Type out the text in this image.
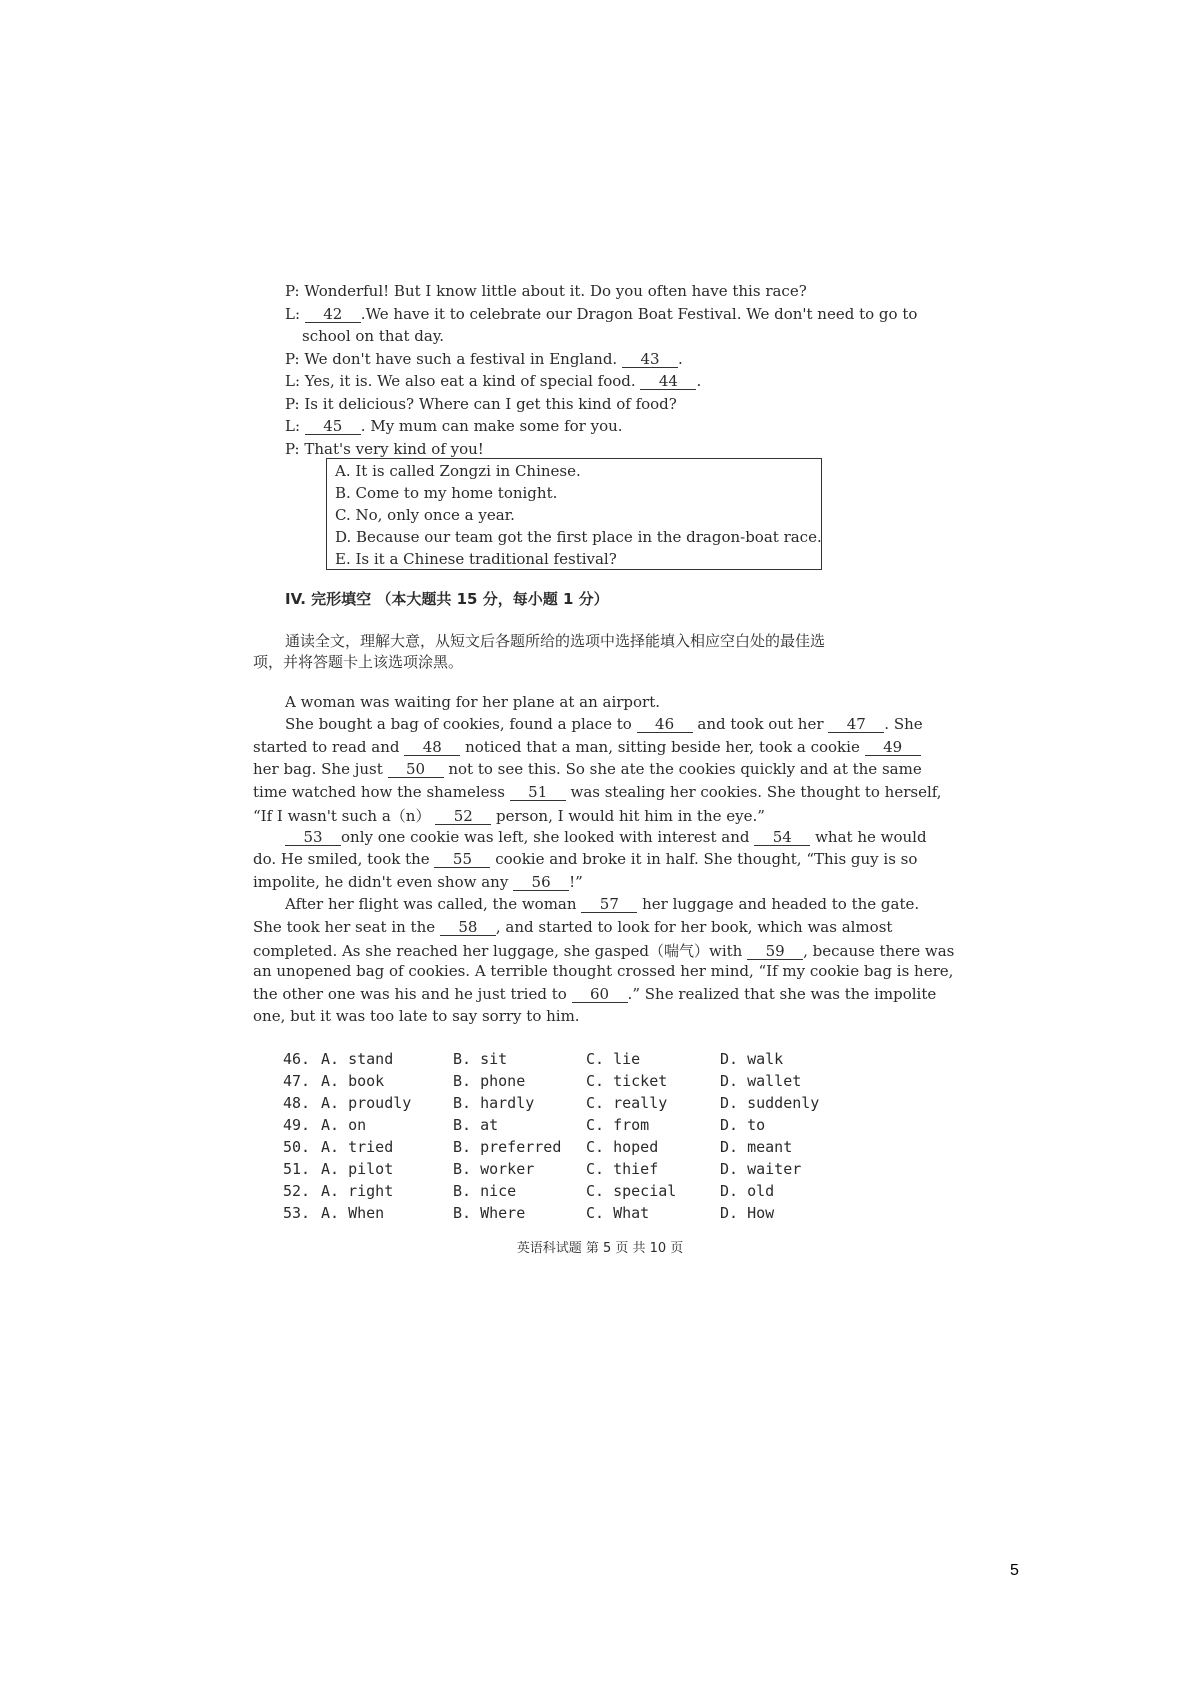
P: Wonderful! But I know little about it. Do you often have this race?
L: 42 .We have it to celebrate our Dragon Boat Festival. We don't need to go to
school on that day.
P: We don't have such a festival in England. 43 .
L: Yes, it is. We also eat a kind of special food. 44 .
P: Is it delicious? Where can I get this kind of food?
L: 45 . My mum can make some for you.
P: That's very kind of you!
A. It is called Zongzi in Chinese.
B. Come to my home tonight.
C. No, only once a year.
D. Because our team got the first place in the dragon-boat race.
E. Is it a Chinese traditional festival?
IV. 完形填空 （本大题共 15 分，每小题 1 分）
通读全文，理解大意，从短文后各题所给的选项中选择能填入相应空白处的最佳选
项，并将答题卡上该选项涂黑。
A woman was waiting for her plane at an airport.
She bought a bag of cookies, found a place to 46 and took out her 47 . She
started to read and 48 noticed that a man, sitting beside her, took a cookie 49
her bag. She just 50 not to see this. So she ate the cookies quickly and at the same
time watched how the shameless 51 was stealing her cookies. She thought to herself,
“If I wasn't such a（n） 52 person, I would hit him in the eye.”
53 only one cookie was left, she looked with interest and 54 what he would
do. He smiled, took the 55 cookie and broke it in half. She thought, “This guy is so
impolite, he didn't even show any 56 !”
After her flight was called, the woman 57 her luggage and headed to the gate.
She took her seat in the 58 , and started to look for her book, which was almost
completed. As she reached her luggage, she gasped（喘气）with 59 , because there was
an unopened bag of cookies. A terrible thought crossed her mind, “If my cookie bag is here,
the other one was his and he just tried to 60 .” She realized that she was the impolite
one, but it was too late to say sorry to him.
46. A. stand	B. sit	C. lie	D. walk
47. A. book	B. phone	C. ticket	D. wallet
48. A. proudly	B. hardly	C. really	D. suddenly
49. A. on	B. at	C. from	D. to
50. A. tried	B. preferred C. hoped	D. meant
51. A. pilot	B. worker	C. thief	D. waiter
52. A. right	B. nice	C. special	D. old
53. A. When	B. Where	C. What	D. How
英语科试题 第 5 页 共 10 页
5
